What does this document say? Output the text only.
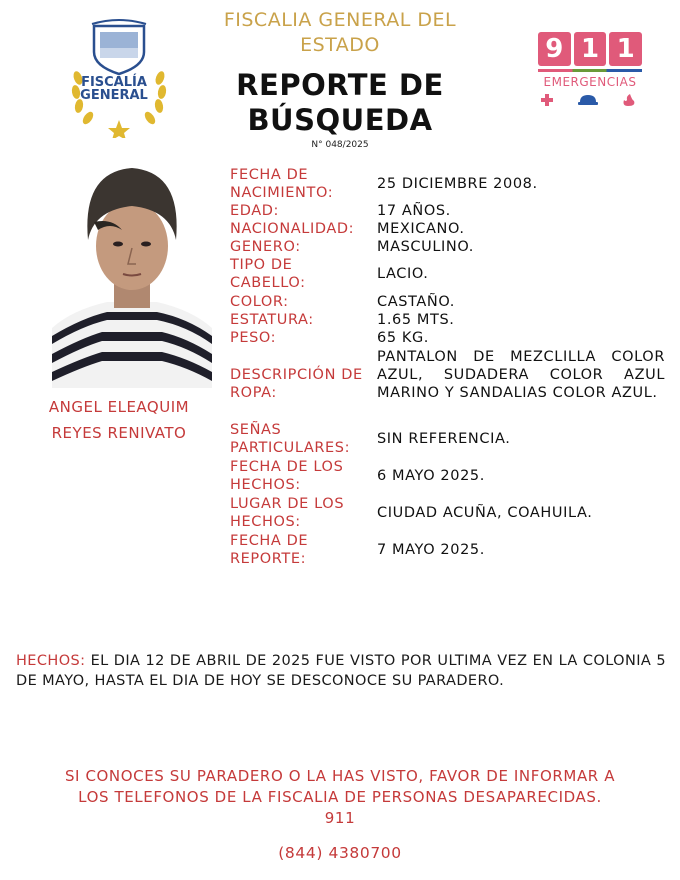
FISCALÍA
GENERAL
FISCALIA GENERAL DEL
ESTADO
REPORTE DE
BÚSQUEDA
N° 048/2025
9 1 1
EMERGENCIAS
ANGEL ELEAQUIM
REYES RENIVATO
FECHA DE
NACIMIENTO:
25 DICIEMBRE 2008.
EDAD:	17 AÑOS.
NACIONALIDAD:	MEXICANO.
GENERO:	MASCULINO.
TIPO DE
CABELLO:
LACIO.
COLOR:	CASTAÑO.
ESTATURA:	1.65 MTS.
PESO:	65 KG.
DESCRIPCIÓN DE
ROPA:
PANTALON DE MEZCLILLA COLOR AZUL, SUDADERA COLOR AZUL MARINO Y SANDALIAS COLOR AZUL.
SEÑAS
PARTICULARES:
SIN REFERENCIA.
FECHA DE LOS
HECHOS:
6 MAYO 2025.
LUGAR DE LOS
HECHOS:
CIUDAD ACUÑA, COAHUILA.
FECHA DE
REPORTE:
7 MAYO 2025.
HECHOS: EL DIA 12 DE ABRIL DE 2025 FUE VISTO POR ULTIMA VEZ EN LA COLONIA 5 DE MAYO, HASTA EL DIA DE HOY SE DESCONOCE SU PARADERO.
SI CONOCES SU PARADERO O LA HAS VISTO, FAVOR DE INFORMAR A
LOS TELEFONOS DE LA FISCALIA DE PERSONAS DESAPARECIDAS.
911
(844) 4380700
